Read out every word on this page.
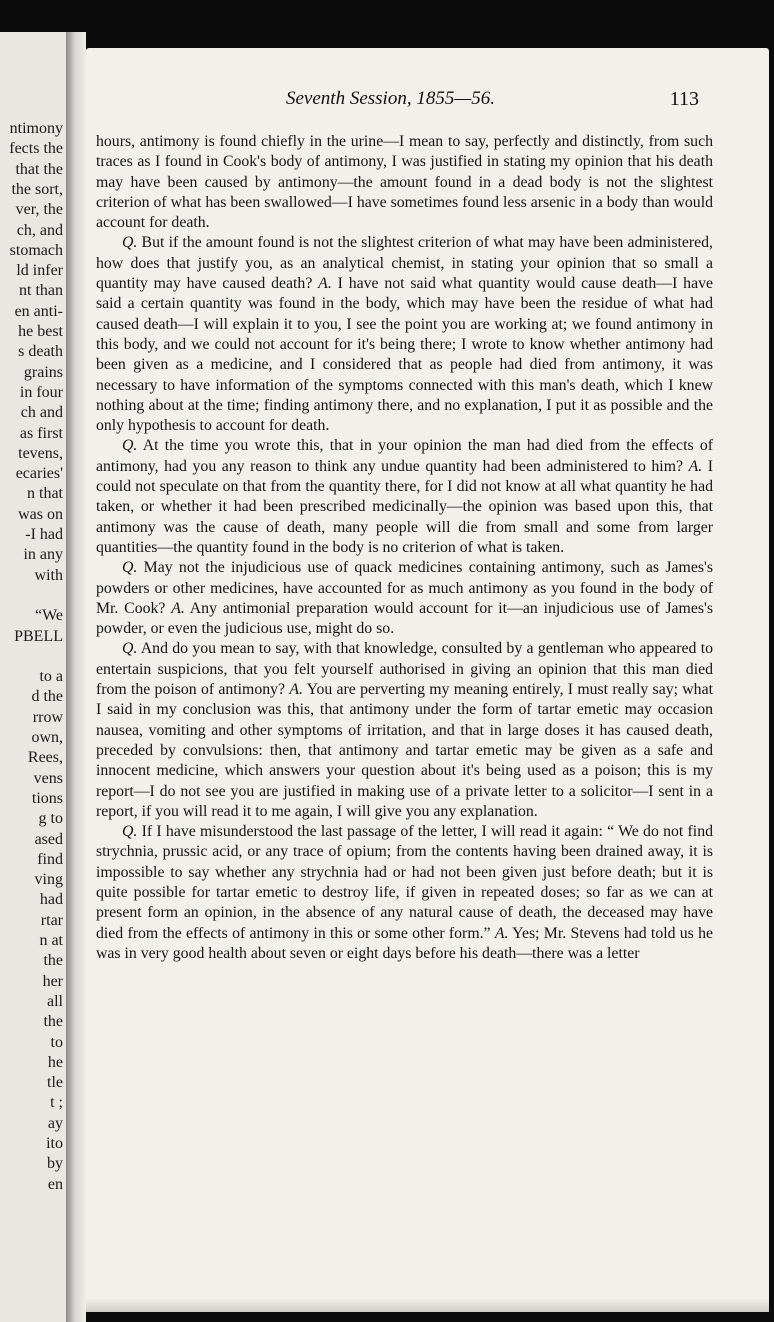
ntimony
fects the
that the
the sort,
ver, the
ch, and
stomach
ld infer
nt than
en anti-
he best
s death
grains
in four
ch and
as first
tevens,
ecaries'
n that
was on
-I had
in any
with
“We
PBELL
to a
d the
rrow
own,
Rees,
vens
tions
g to
ased
find
ving
had
rtar
n at
the
her
all
the
to
he
tle
t ;
ay
ito
by
en
Seventh Session, 1855—56.	113

hours, antimony is found chiefly in the urine—I mean to say, perfectly and distinctly, from such traces as I found in Cook's body of antimony, I was justified in stating my opinion that his death may have been caused by antimony—the amount found in a dead body is not the slightest criterion of what has been swallowed—I have sometimes found less arsenic in a body than would account for death.

Q. But if the amount found is not the slightest criterion of what may have been administered, how does that justify you, as an analytical chemist, in stating your opinion that so small a quantity may have caused death? A. I have not said what quantity would cause death—I have said a certain quantity was found in the body, which may have been the residue of what had caused death—I will explain it to you, I see the point you are working at; we found antimony in this body, and we could not account for it's being there; I wrote to know whether antimony had been given as a medicine, and I considered that as people had died from antimony, it was necessary to have information of the symptoms connected with this man's death, which I knew nothing about at the time; finding antimony there, and no explanation, I put it as possible and the only hypothesis to account for death.

Q. At the time you wrote this, that in your opinion the man had died from the effects of antimony, had you any reason to think any undue quantity had been administered to him? A. I could not speculate on that from the quantity there, for I did not know at all what quantity he had taken, or whether it had been prescribed medicinally—the opinion was based upon this, that antimony was the cause of death, many people will die from small and some from larger quantities—the quantity found in the body is no criterion of what is taken.

Q. May not the injudicious use of quack medicines containing antimony, such as James's powders or other medicines, have accounted for as much antimony as you found in the body of Mr. Cook? A. Any antimonial preparation would account for it—an injudicious use of James's powder, or even the judicious use, might do so.

Q. And do you mean to say, with that knowledge, consulted by a gentleman who appeared to entertain suspicions, that you felt yourself authorised in giving an opinion that this man died from the poison of antimony? A. You are perverting my meaning entirely, I must really say; what I said in my conclusion was this, that antimony under the form of tartar emetic may occasion nausea, vomiting and other symptoms of irritation, and that in large doses it has caused death, preceded by convulsions: then, that antimony and tartar emetic may be given as a safe and innocent medicine, which answers your question about it's being used as a poison; this is my report—I do not see you are justified in making use of a private letter to a solicitor—I sent in a report, if you will read it to me again, I will give you any explanation.

Q. If I have misunderstood the last passage of the letter, I will read it again: “ We do not find strychnia, prussic acid, or any trace of opium; from the contents having been drained away, it is impossible to say whether any strychnia had or had not been given just before death; but it is quite possible for tartar emetic to destroy life, if given in repeated doses; so far as we can at present form an opinion, in the absence of any natural cause of death, the deceased may have died from the effects of antimony in this or some other form.” A. Yes; Mr. Stevens had told us he was in very good health about seven or eight days before his death—there was a letter
